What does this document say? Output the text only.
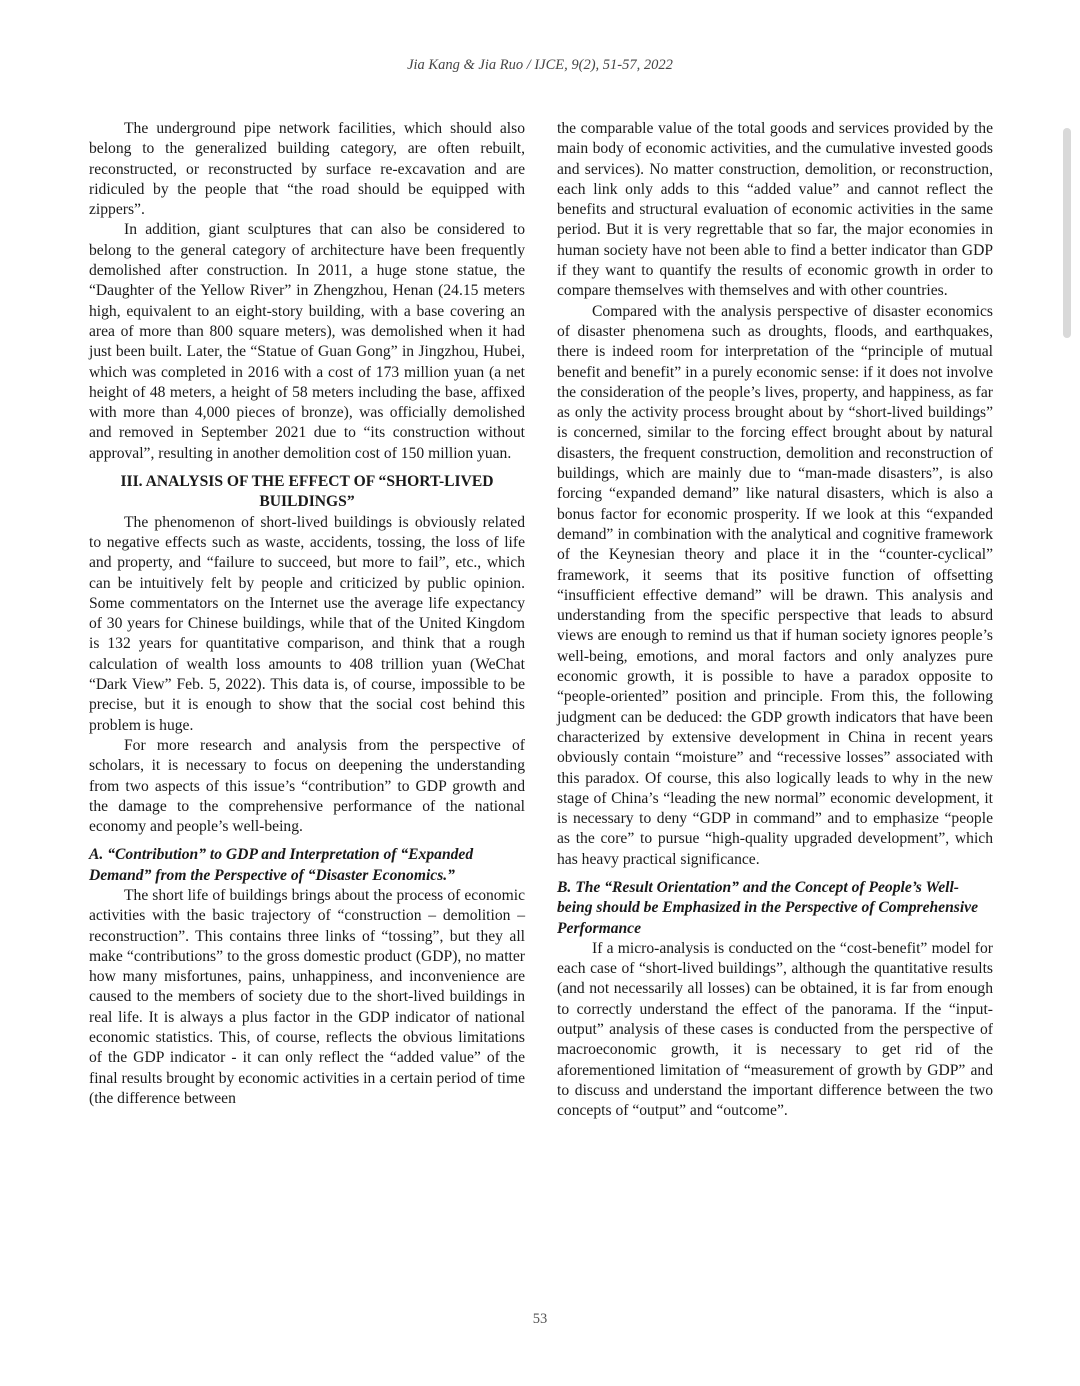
Jia Kang & Jia Ruo / IJCE, 9(2), 51-57, 2022

The underground pipe network facilities, which should also belong to the generalized building category, are often rebuilt, reconstructed, or reconstructed by surface re-excavation and are ridiculed by the people that “the road should be equipped with zippers”.

In addition, giant sculptures that can also be considered to belong to the general category of architecture have been frequently demolished after construction. In 2011, a huge stone statue, the “Daughter of the Yellow River” in Zhengzhou, Henan (24.15 meters high, equivalent to an eight-story building, with a base covering an area of more than 800 square meters), was demolished when it had just been built. Later, the “Statue of Guan Gong” in Jingzhou, Hubei, which was completed in 2016 with a cost of 173 million yuan (a net height of 48 meters, a height of 58 meters including the base, affixed with more than 4,000 pieces of bronze), was officially demolished and removed in September 2021 due to “its construction without approval”, resulting in another demolition cost of 150 million yuan.

III. ANALYSIS OF THE EFFECT OF “SHORT-LIVED BUILDINGS”

The phenomenon of short-lived buildings is obviously related to negative effects such as waste, accidents, tossing, the loss of life and property, and “failure to succeed, but more to fail”, etc., which can be intuitively felt by people and criticized by public opinion. Some commentators on the Internet use the average life expectancy of 30 years for Chinese buildings, while that of the United Kingdom is 132 years for quantitative comparison, and think that a rough calculation of wealth loss amounts to 408 trillion yuan (WeChat “Dark View” Feb. 5, 2022). This data is, of course, impossible to be precise, but it is enough to show that the social cost behind this problem is huge.

For more research and analysis from the perspective of scholars, it is necessary to focus on deepening the understanding from two aspects of this issue’s “contribution” to GDP growth and the damage to the comprehensive performance of the national economy and people’s well-being.

A. “Contribution” to GDP and Interpretation of “Expanded Demand” from the Perspective of “Disaster Economics.”

The short life of buildings brings about the process of economic activities with the basic trajectory of “construction – demolition – reconstruction”. This contains three links of “tossing”, but they all make “contributions” to the gross domestic product (GDP), no matter how many misfortunes, pains, unhappiness, and inconvenience are caused to the members of society due to the short-lived buildings in real life. It is always a plus factor in the GDP indicator of national economic statistics. This, of course, reflects the obvious limitations of the GDP indicator - it can only reflect the “added value” of the final results brought by economic activities in a certain period of time (the difference between

the comparable value of the total goods and services provided by the main body of economic activities, and the cumulative invested goods and services). No matter construction, demolition, or reconstruction, each link only adds to this “added value” and cannot reflect the benefits and structural evaluation of economic activities in the same period. But it is very regrettable that so far, the major economies in human society have not been able to find a better indicator than GDP if they want to quantify the results of economic growth in order to compare themselves with themselves and with other countries.

Compared with the analysis perspective of disaster economics of disaster phenomena such as droughts, floods, and earthquakes, there is indeed room for interpretation of the “principle of mutual benefit and benefit” in a purely economic sense: if it does not involve the consideration of the people’s lives, property, and happiness, as far as only the activity process brought about by “short-lived buildings” is concerned, similar to the forcing effect brought about by natural disasters, the frequent construction, demolition and reconstruction of buildings, which are mainly due to “man-made disasters”, is also forcing “expanded demand” like natural disasters, which is also a bonus factor for economic prosperity. If we look at this “expanded demand” in combination with the analytical and cognitive framework of the Keynesian theory and place it in the “counter-cyclical” framework, it seems that its positive function of offsetting “insufficient effective demand” will be drawn. This analysis and understanding from the specific perspective that leads to absurd views are enough to remind us that if human society ignores people’s well-being, emotions, and moral factors and only analyzes pure economic growth, it is possible to have a paradox opposite to “people-oriented” position and principle. From this, the following judgment can be deduced: the GDP growth indicators that have been characterized by extensive development in China in recent years obviously contain “moisture” and “recessive losses” associated with this paradox. Of course, this also logically leads to why in the new stage of China’s “leading the new normal” economic development, it is necessary to deny “GDP in command” and to emphasize “people as the core” to pursue “high-quality upgraded development”, which has heavy practical significance.

B. The “Result Orientation” and the Concept of People’s Well-being should be Emphasized in the Perspective of Comprehensive Performance

If a micro-analysis is conducted on the “cost-benefit” model for each case of “short-lived buildings”, although the quantitative results (and not necessarily all losses) can be obtained, it is far from enough to correctly understand the effect of the panorama. If the “input-output” analysis of these cases is conducted from the perspective of macroeconomic growth, it is necessary to get rid of the aforementioned limitation of “measurement of growth by GDP” and to discuss and understand the important difference between the two concepts of “output” and “outcome”.

53
